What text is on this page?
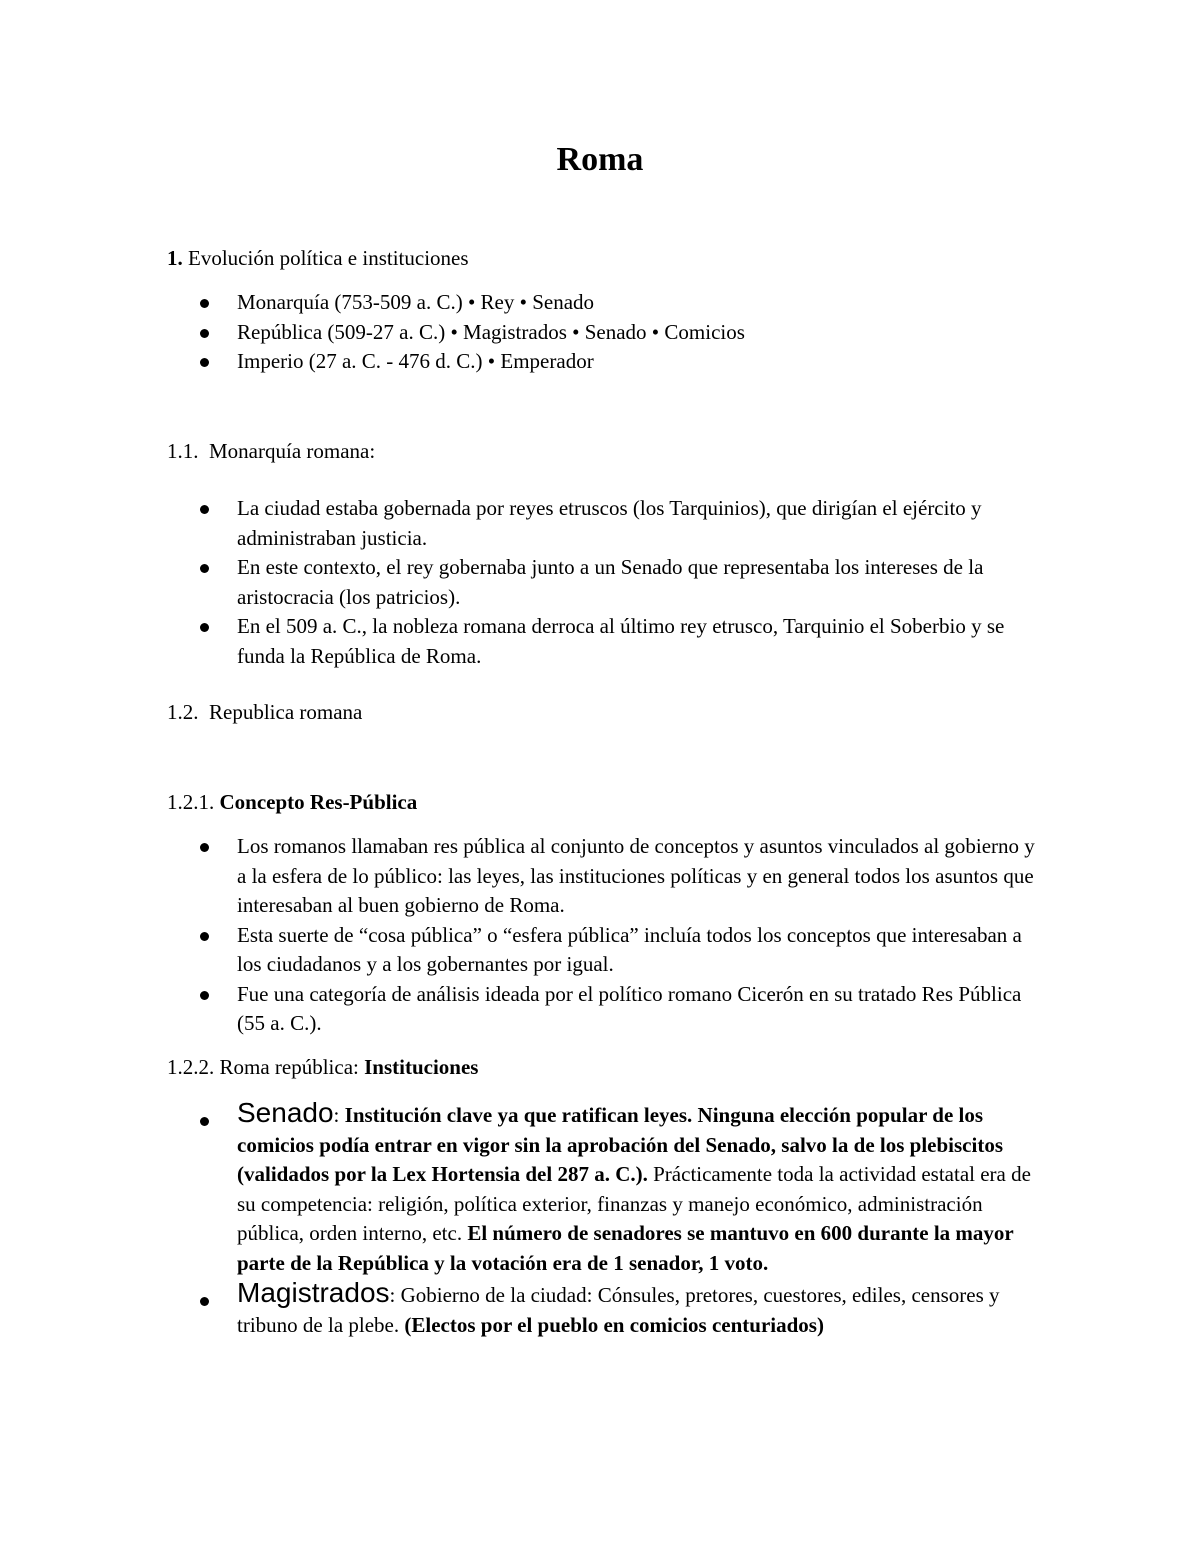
Roma
1. Evolución política e instituciones
Monarquía (753-509 a. C.) • Rey • Senado
República (509-27 a. C.) • Magistrados • Senado • Comicios
Imperio (27 a. C. - 476 d. C.) • Emperador
1.1. Monarquía romana:
La ciudad estaba gobernada por reyes etruscos (los Tarquinios), que dirigían el ejército y administraban justicia.
En este contexto, el rey gobernaba junto a un Senado que representaba los intereses de la aristocracia (los patricios).
En el 509 a. C., la nobleza romana derroca al último rey etrusco, Tarquinio el Soberbio y se funda la República de Roma.
1.2. Republica romana
1.2.1. Concepto Res-Pública
Los romanos llamaban res pública al conjunto de conceptos y asuntos vinculados al gobierno y a la esfera de lo público: las leyes, las instituciones políticas y en general todos los asuntos que interesaban al buen gobierno de Roma.
Esta suerte de “cosa pública” o “esfera pública” incluía todos los conceptos que interesaban a los ciudadanos y a los gobernantes por igual.
Fue una categoría de análisis ideada por el político romano Cicerón en su tratado Res Pública (55 a. C.).
1.2.2. Roma república: Instituciones
Senado: Institución clave ya que ratifican leyes. Ninguna elección popular de los comicios podía entrar en vigor sin la aprobación del Senado, salvo la de los plebiscitos (validados por la Lex Hortensia del 287 a. C.). Prácticamente toda la actividad estatal era de su competencia: religión, política exterior, finanzas y manejo económico, administración pública, orden interno, etc. El número de senadores se mantuvo en 600 durante la mayor parte de la República y la votación era de 1 senador, 1 voto.
Magistrados: Gobierno de la ciudad: Cónsules, pretores, cuestores, ediles, censores y tribuno de la plebe. (Electos por el pueblo en comicios centuriados)
